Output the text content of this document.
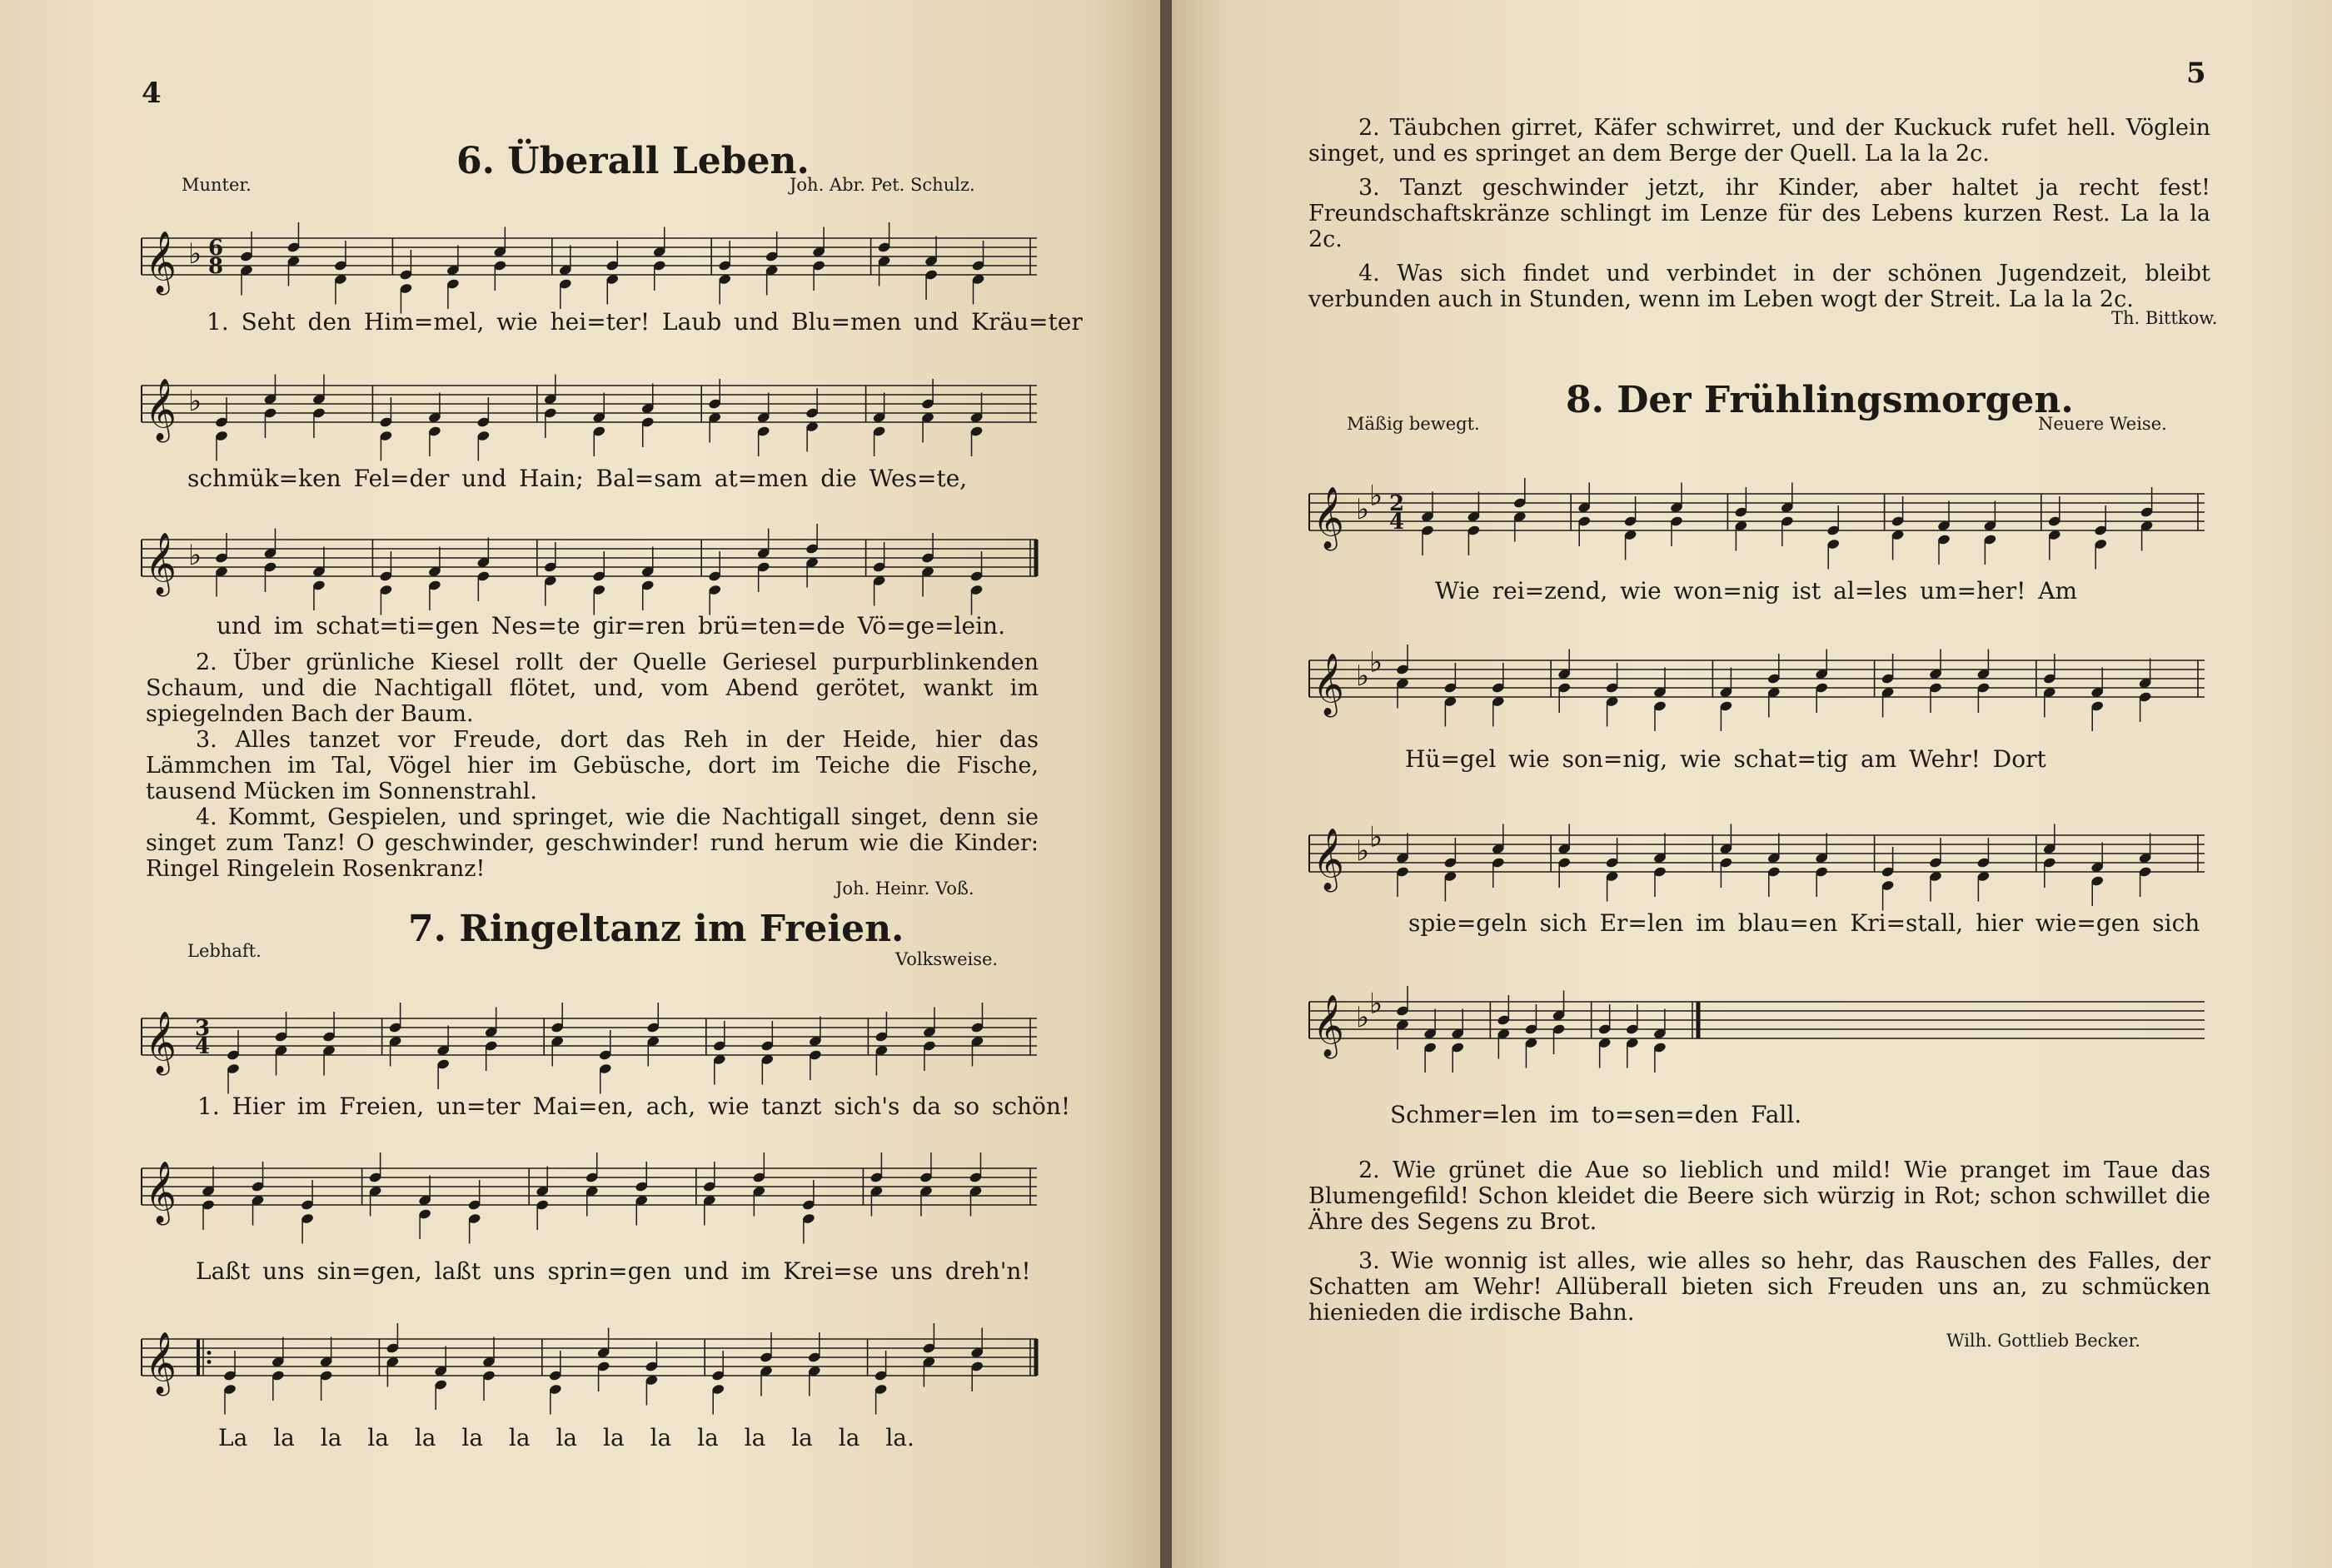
4
6. Überall Leben.
Munter.	Joh. Abr. Pet. Schulz.
𝄞 ♭ 6
8
1. Seht den Him=mel, wie hei=ter! Laub und Blu=men und Kräu=ter
𝄞 ♭
schmük=ken Fel=der und Hain; Bal=sam at=men die Wes=te,
𝄞 ♭
und im schat=ti=gen Nes=te gir=ren brü=ten=de Vö=ge=lein.

2. Über grünliche Kiesel rollt der Quelle Geriesel purpurblinkenden Schaum, und die Nachtigall flötet, und, vom Abend gerötet, wankt im spiegelnden Bach der Baum.

3. Alles tanzet vor Freude, dort das Reh in der Heide, hier das Lämmchen im Tal, Vögel hier im Gebüsche, dort im Teiche die Fische, tausend Mücken im Sonnenstrahl.

4. Kommt, Gespielen, und springet, wie die Nachtigall singet, denn sie singet zum Tanz! O geschwinder, geschwinder! rund herum wie die Kinder: Ringel Ringelein Rosenkranz!

Joh. Heinr. Voß.
7. Ringeltanz im Freien.
Lebhaft.	Volksweise.
𝄞 3
4
1. Hier im Freien, un=ter Mai=en, ach, wie tanzt sich's da so schön!
𝄞
Laßt uns sin=gen, laßt uns sprin=gen und im Krei=se uns dreh'n!
𝄞
La la la la la la la la la la la la la la la.
5

2. Täubchen girret, Käfer schwirret, und der Kuckuck rufet hell. Vöglein singet, und es springet an dem Berge der Quell. La la la 2c.

3. Tanzt geschwinder jetzt, ihr Kinder, aber haltet ja recht fest! Freundschaftskränze schlingt im Lenze für des Lebens kurzen Rest. La la la 2c.

4. Was sich findet und verbindet in der schönen Jugendzeit, bleibt verbunden auch in Stunden, wenn im Leben wogt der Streit. La la la 2c.

Th. Bittkow.
8. Der Frühlingsmorgen.
Mäßig bewegt.	Neuere Weise.
𝄞 ♭ ♭ 2
4
Wie rei=zend, wie won=nig ist al=les um=her! Am
𝄞 ♭ ♭
Hü=gel wie son=nig, wie schat=tig am Wehr! Dort
𝄞 ♭ ♭
spie=geln sich Er=len im blau=en Kri=stall, hier wie=gen sich
𝄞 ♭ ♭
Schmer=len im to=sen=den Fall.

2. Wie grünet die Aue so lieblich und mild! Wie pranget im Taue das Blumengefild! Schon kleidet die Beere sich würzig in Rot; schon schwillet die Ähre des Segens zu Brot.

3. Wie wonnig ist alles, wie alles so hehr, das Rauschen des Falles, der Schatten am Wehr! Allüberall bieten sich Freuden uns an, zu schmücken hienieden die irdische Bahn.

Wilh. Gottlieb Becker.
